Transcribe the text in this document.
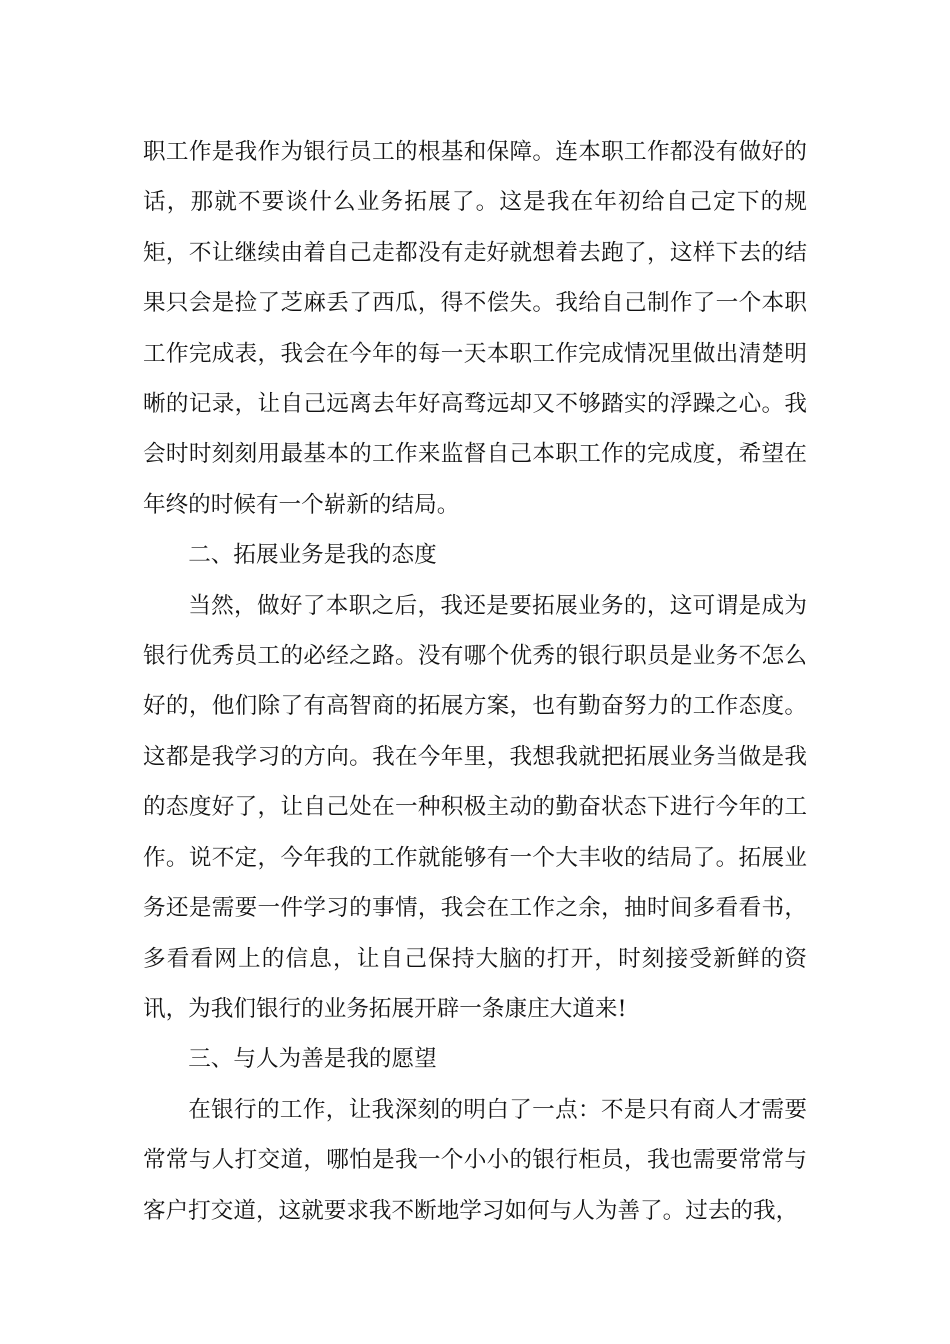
职工作是我作为银行员工的根基和保障。连本职工作都没有做好的话，那就不要谈什么业务拓展了。这是我在年初给自己定下的规矩，不让继续由着自己走都没有走好就想着去跑了，这样下去的结果只会是捡了芝麻丢了西瓜，得不偿失。我给自己制作了一个本职工作完成表，我会在今年的每一天本职工作完成情况里做出清楚明晰的记录，让自己远离去年好高骛远却又不够踏实的浮躁之心。我会时时刻刻用最基本的工作来监督自己本职工作的完成度，希望在年终的时候有一个崭新的结局。

二、拓展业务是我的态度

当然，做好了本职之后，我还是要拓展业务的，这可谓是成为银行优秀员工的必经之路。没有哪个优秀的银行职员是业务不怎么好的，他们除了有高智商的拓展方案，也有勤奋努力的工作态度。这都是我学习的方向。我在今年里，我想我就把拓展业务当做是我的态度好了，让自己处在一种积极主动的勤奋状态下进行今年的工作。说不定，今年我的工作就能够有一个大丰收的结局了。拓展业务还是需要一件学习的事情，我会在工作之余，抽时间多看看书，多看看网上的信息，让自己保持大脑的打开，时刻接受新鲜的资讯，为我们银行的业务拓展开辟一条康庄大道来!

三、与人为善是我的愿望

在银行的工作，让我深刻的明白了一点：不是只有商人才需要常常与人打交道，哪怕是我一个小小的银行柜员，我也需要常常与客户打交道，这就要求我不断地学习如何与人为善了。过去的我，
